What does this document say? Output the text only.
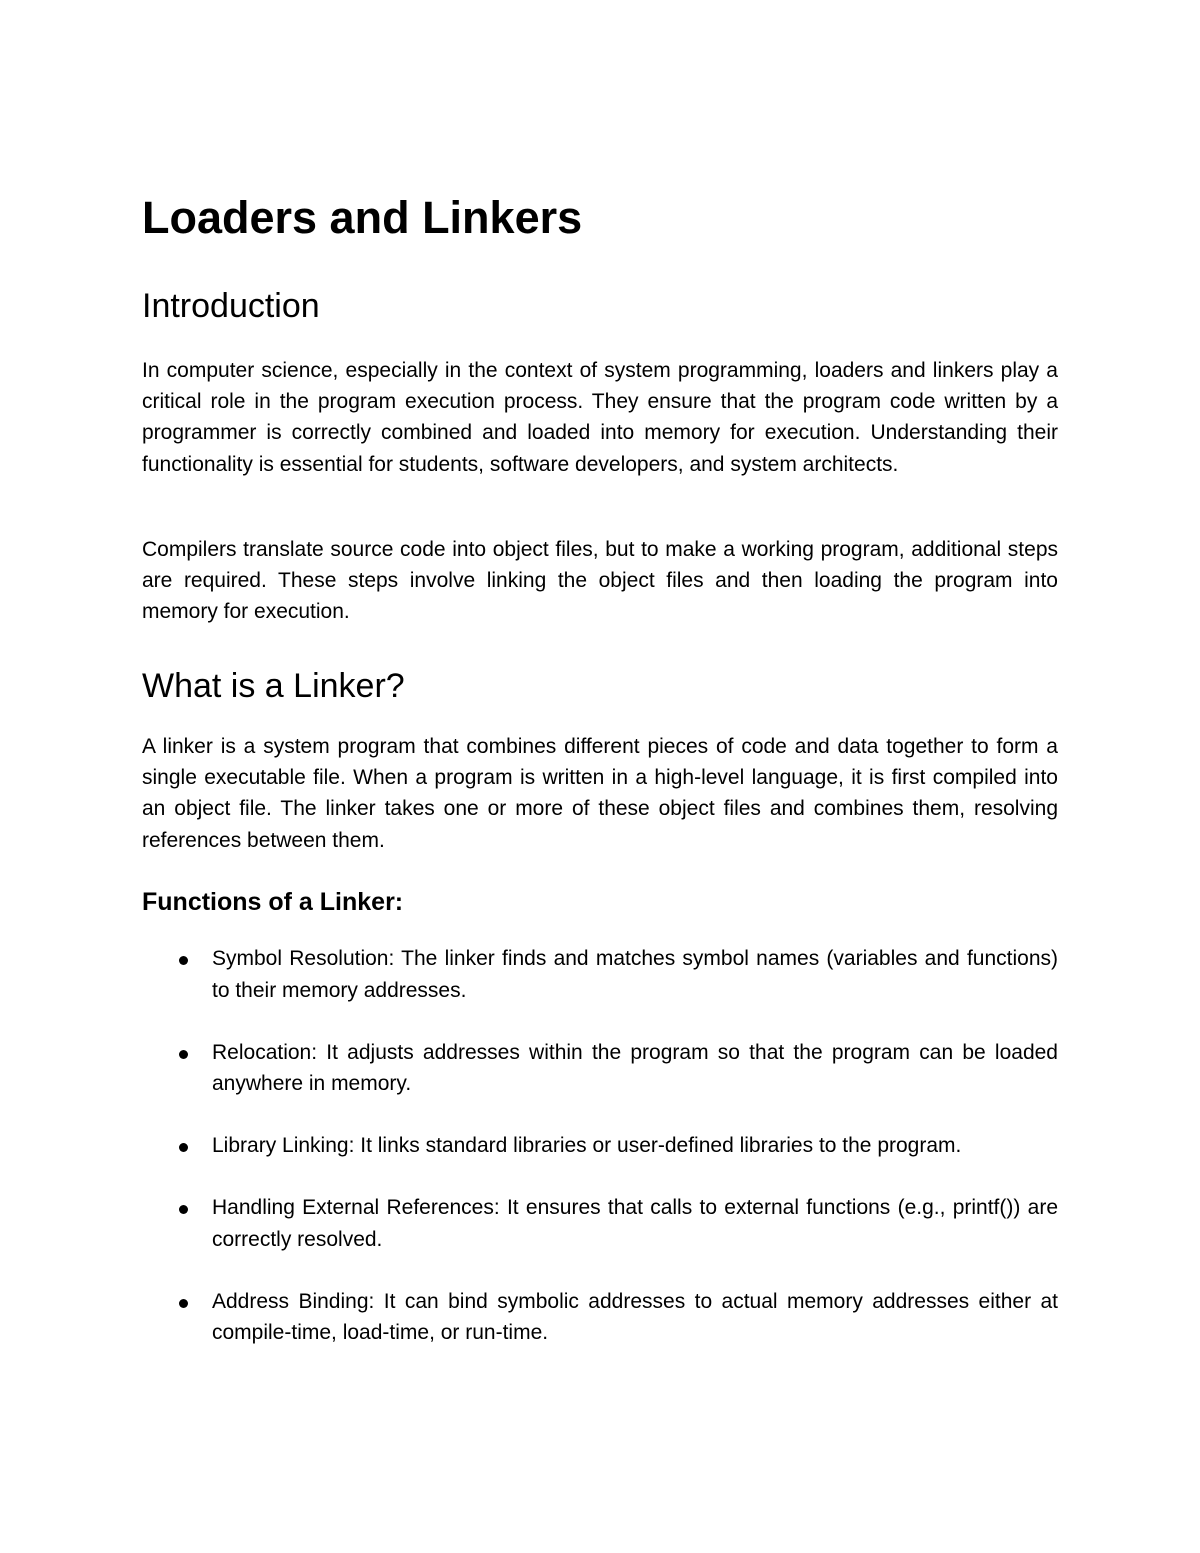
Loaders and Linkers
Introduction

In computer science, especially in the context of system programming, loaders and linkers play a critical role in the program execution process. They ensure that the program code written by a programmer is correctly combined and loaded into memory for execution. Understanding their functionality is essential for students, software developers, and system architects.

Compilers translate source code into object files, but to make a working program, additional steps are required. These steps involve linking the object files and then loading the program into memory for execution.

What is a Linker?

A linker is a system program that combines different pieces of code and data together to form a single executable file. When a program is written in a high-level language, it is first compiled into an object file. The linker takes one or more of these object files and combines them, resolving references between them.

Functions of a Linker:
Symbol Resolution: The linker finds and matches symbol names (variables and functions) to their memory addresses.
Relocation: It adjusts addresses within the program so that the program can be loaded anywhere in memory.
Library Linking: It links standard libraries or user-defined libraries to the program.
Handling External References: It ensures that calls to external functions (e.g., printf()) are correctly resolved.
Address Binding: It can bind symbolic addresses to actual memory addresses either at compile-time, load-time, or run-time.
